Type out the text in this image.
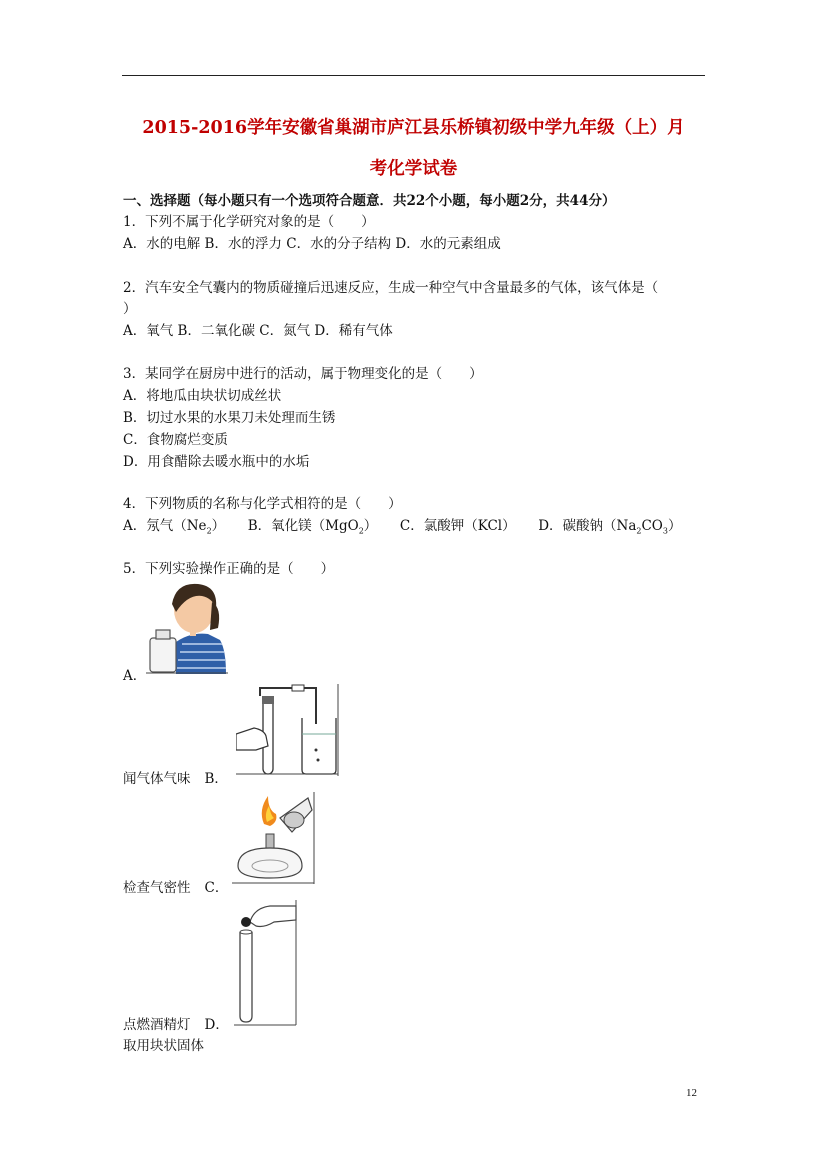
2015-2016学年安徽省巢湖市庐江县乐桥镇初级中学九年级（上）月
考化学试卷
一、选择题（每小题只有一个选项符合题意．共22个小题，每小题2分，共44分）
1．下列不属于化学研究对象的是（　　）
A．水的电解 B．水的浮力 C．水的分子结构 D．水的元素组成
2．汽车安全气囊内的物质碰撞后迅速反应，生成一种空气中含量最多的气体，该气体是（
）
A．氧气 B．二氧化碳 C．氮气 D．稀有气体
3．某同学在厨房中进行的活动，属于物理变化的是（　　）
A．将地瓜由块状切成丝状
B．切过水果的水果刀未处理而生锈
C．食物腐烂变质
D．用食醋除去暖水瓶中的水垢
4．下列物质的名称与化学式相符的是（　　）
A．氖气$(Ne_2)$ B．氧化镁（MgO$_2$） C．氯酸钾（KCl） D．碳酸钠$(Na_2CO_3)$
5．下列实验操作正确的是（　　）
A．
闻气体气味 B．
检查气密性 C．
点燃酒精灯 D．
取用块状固体
12
